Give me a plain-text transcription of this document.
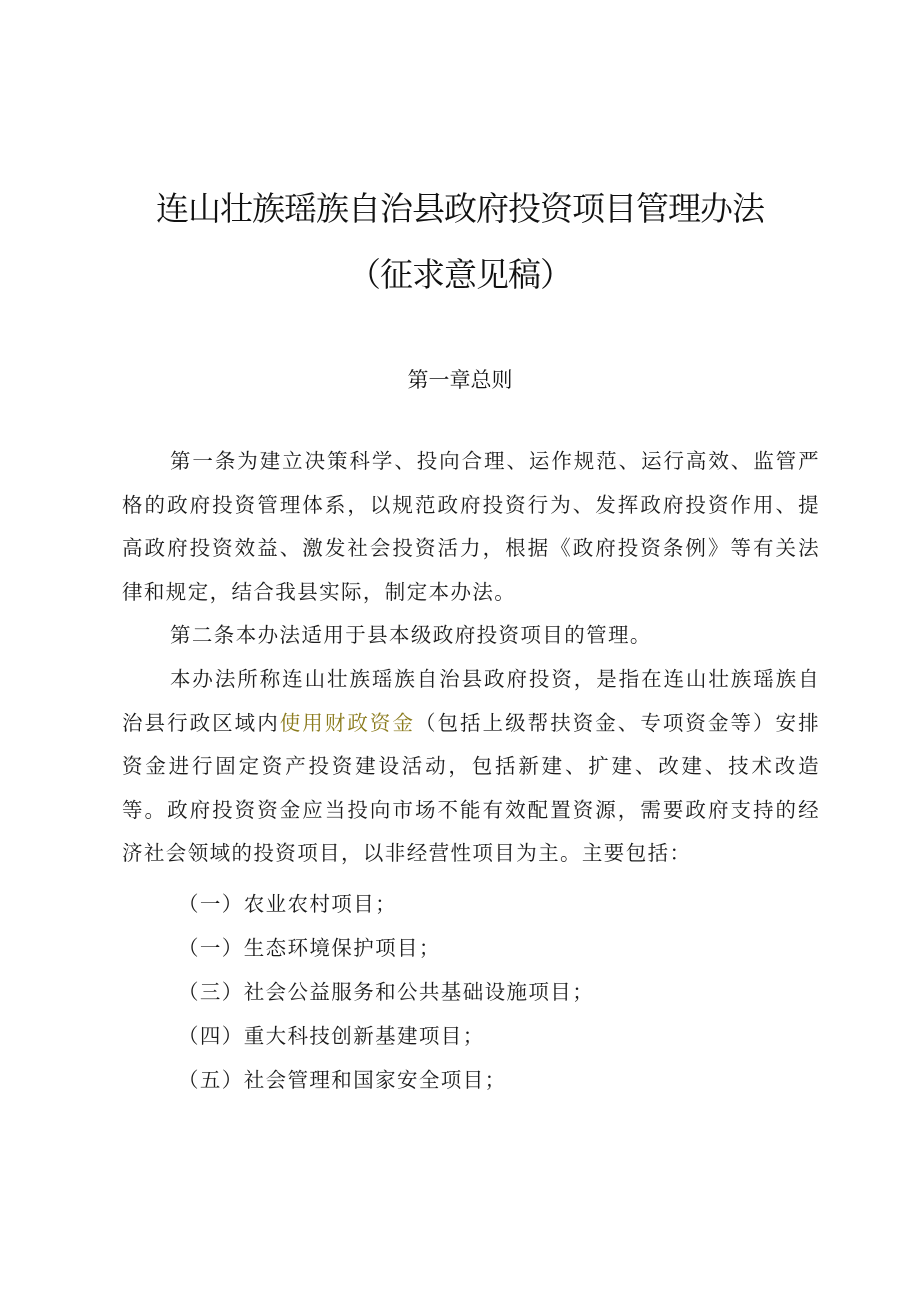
连山壮族瑶族自治县政府投资项目管理办法
（征求意见稿）
第一章总则

第一条为建立决策科学、投向合理、运作规范、运行高效、监管严格的政府投资管理体系，以规范政府投资行为、发挥政府投资作用、提高政府投资效益、激发社会投资活力，根据《政府投资条例》等有关法律和规定，结合我县实际，制定本办法。

第二条本办法适用于县本级政府投资项目的管理。

本办法所称连山壮族瑶族自治县政府投资，是指在连山壮族瑶族自治县行政区域内使用财政资金（包括上级帮扶资金、专项资金等）安排资金进行固定资产投资建设活动，包括新建、扩建、改建、技术改造等。政府投资资金应当投向市场不能有效配置资源，需要政府支持的经济社会领域的投资项目，以非经营性项目为主。主要包括：

（一）农业农村项目；
（一）生态环境保护项目；
（三）社会公益服务和公共基础设施项目；
（四）重大科技创新基建项目；
（五）社会管理和国家安全项目；
